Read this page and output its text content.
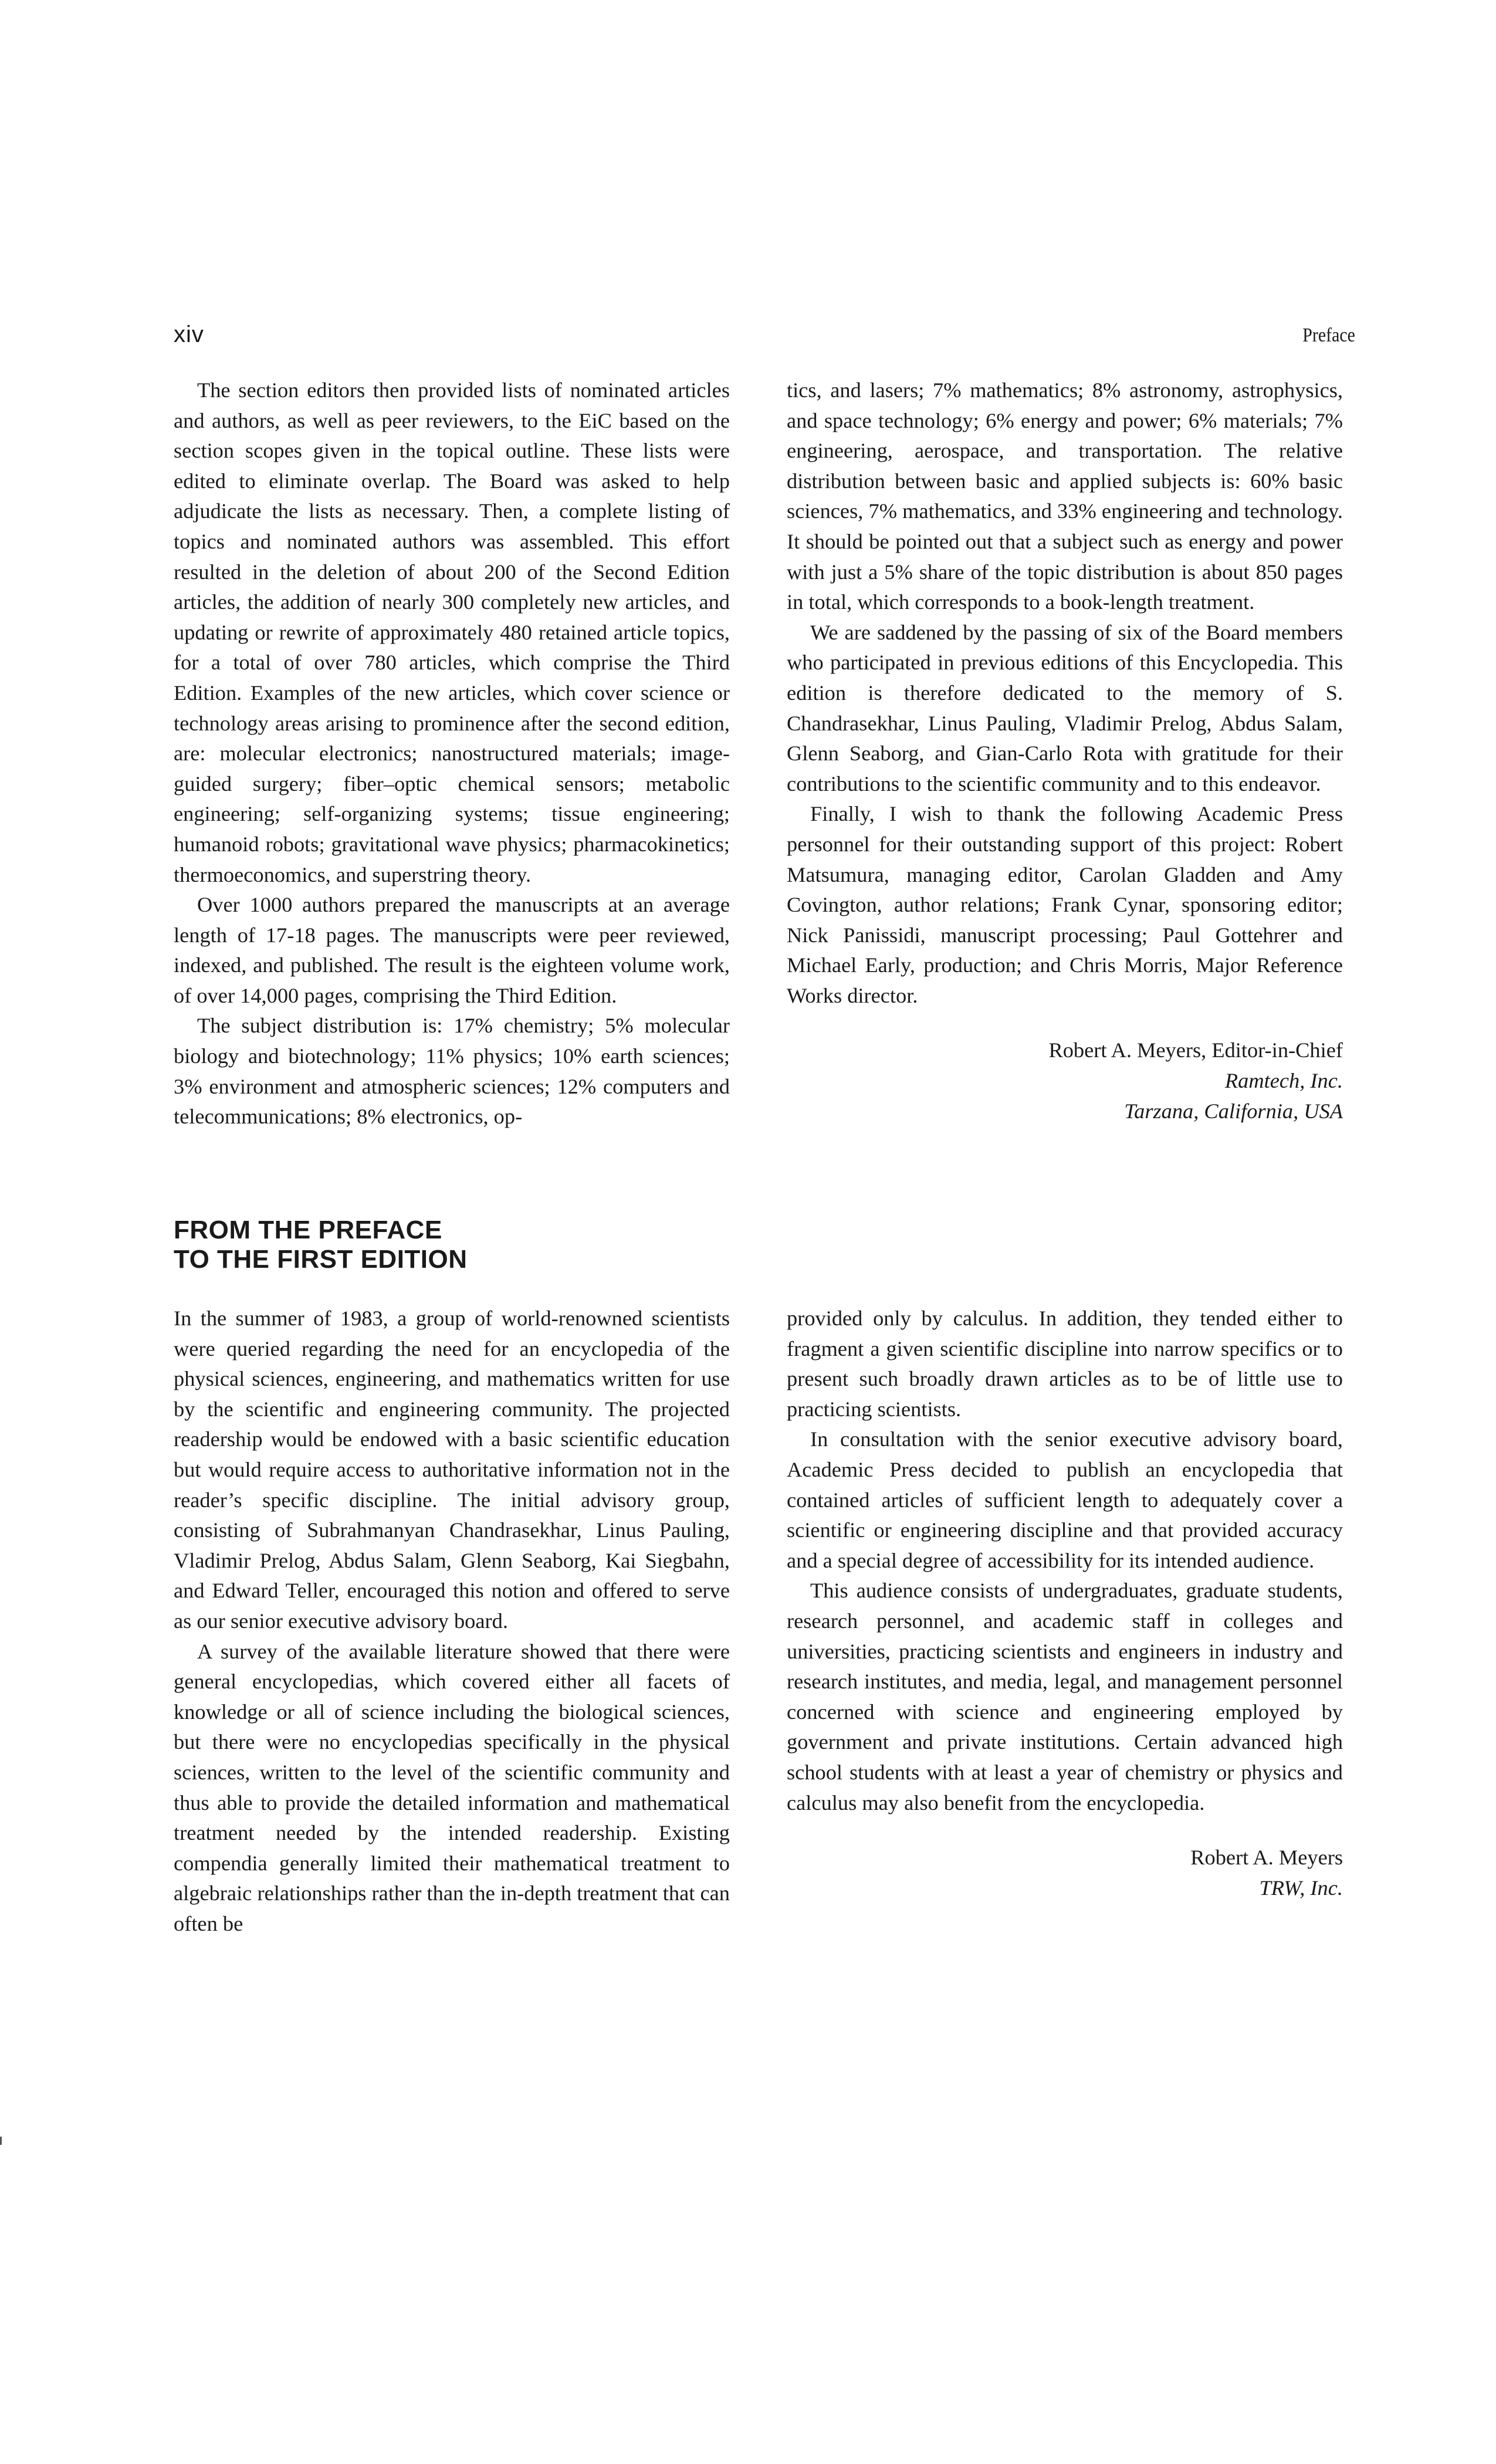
xiv	Preface

The section editors then provided lists of nominated articles and authors, as well as peer reviewers, to the EiC based on the section scopes given in the topical outline. These lists were edited to eliminate overlap. The Board was asked to help adjudicate the lists as necessary. Then, a complete listing of topics and nominated authors was assembled. This effort resulted in the deletion of about 200 of the Second Edition articles, the addition of nearly 300 completely new articles, and updating or rewrite of approximately 480 retained article topics, for a total of over 780 articles, which comprise the Third Edition. Examples of the new articles, which cover science or technology areas arising to prominence after the second edition, are: molecular electronics; nanostructured materials; image-guided surgery; fiber–optic chemical sensors; metabolic engineering; self-organizing systems; tissue engineering; humanoid robots; gravitational wave physics; pharmacokinetics; thermoeconomics, and superstring theory.

Over 1000 authors prepared the manuscripts at an average length of 17-18 pages. The manuscripts were peer reviewed, indexed, and published. The result is the eighteen volume work, of over 14,000 pages, comprising the Third Edition.

The subject distribution is: 17% chemistry; 5% molecular biology and biotechnology; 11% physics; 10% earth sciences; 3% environment and atmospheric sciences; 12% computers and telecommunications; 8% electronics, op-

tics, and lasers; 7% mathematics; 8% astronomy, astrophysics, and space technology; 6% energy and power; 6% materials; 7% engineering, aerospace, and transportation. The relative distribution between basic and applied subjects is: 60% basic sciences, 7% mathematics, and 33% engineering and technology. It should be pointed out that a subject such as energy and power with just a 5% share of the topic distribution is about 850 pages in total, which corresponds to a book-length treatment.

We are saddened by the passing of six of the Board members who participated in previous editions of this Encyclopedia. This edition is therefore dedicated to the memory of S. Chandrasekhar, Linus Pauling, Vladimir Prelog, Abdus Salam, Glenn Seaborg, and Gian-Carlo Rota with gratitude for their contributions to the scientific community and to this endeavor.

Finally, I wish to thank the following Academic Press personnel for their outstanding support of this project: Robert Matsumura, managing editor, Carolan Gladden and Amy Covington, author relations; Frank Cynar, sponsoring editor; Nick Panissidi, manuscript processing; Paul Gottehrer and Michael Early, production; and Chris Morris, Major Reference Works director.

Robert A. Meyers, Editor-in-Chief
Ramtech, Inc.
Tarzana, California, USA
FROM THE PREFACE
TO THE FIRST EDITION

In the summer of 1983, a group of world-renowned scientists were queried regarding the need for an encyclopedia of the physical sciences, engineering, and mathematics written for use by the scientific and engineering community. The projected readership would be endowed with a basic scientific education but would require access to authoritative information not in the reader’s specific discipline. The initial advisory group, consisting of Subrahmanyan Chandrasekhar, Linus Pauling, Vladimir Prelog, Abdus Salam, Glenn Seaborg, Kai Siegbahn, and Edward Teller, encouraged this notion and offered to serve as our senior executive advisory board.

A survey of the available literature showed that there were general encyclopedias, which covered either all facets of knowledge or all of science including the biological sciences, but there were no encyclopedias specifically in the physical sciences, written to the level of the scientific community and thus able to provide the detailed information and mathematical treatment needed by the intended readership. Existing compendia generally limited their mathematical treatment to algebraic relationships rather than the in-depth treatment that can often be

provided only by calculus. In addition, they tended either to fragment a given scientific discipline into narrow specifics or to present such broadly drawn articles as to be of little use to practicing scientists.

In consultation with the senior executive advisory board, Academic Press decided to publish an encyclopedia that contained articles of sufficient length to adequately cover a scientific or engineering discipline and that provided accuracy and a special degree of accessibility for its intended audience.

This audience consists of undergraduates, graduate students, research personnel, and academic staff in colleges and universities, practicing scientists and engineers in industry and research institutes, and media, legal, and management personnel concerned with science and engineering employed by government and private institutions. Certain advanced high school students with at least a year of chemistry or physics and calculus may also benefit from the encyclopedia.

Robert A. Meyers
TRW, Inc.
